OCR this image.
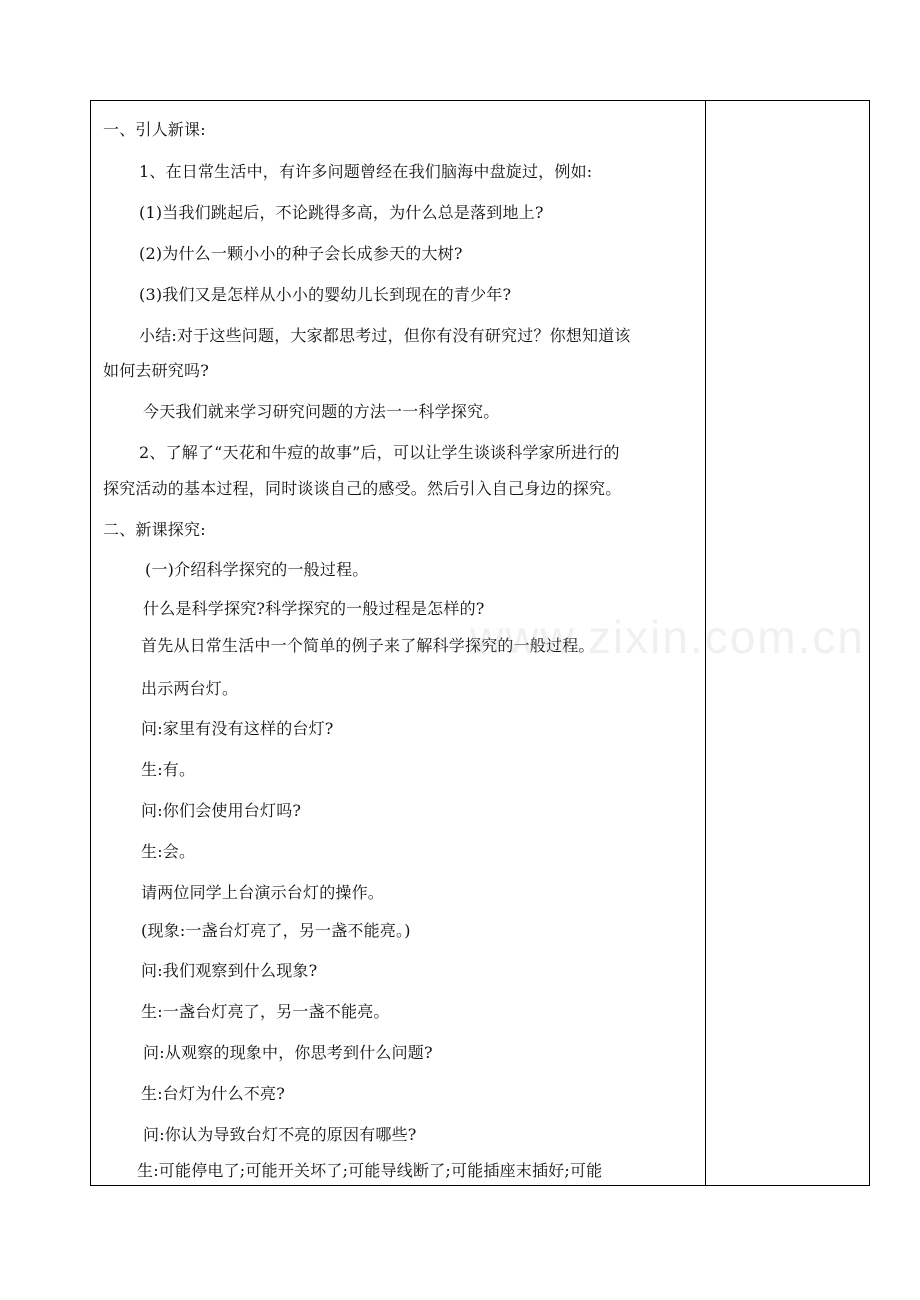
一、引人新课:
1、在日常生活中，有许多问题曾经在我们脑海中盘旋过，例如:
(1)当我们跳起后，不论跳得多高，为什么总是落到地上?
(2)为什么一颗小小的种子会长成参天的大树?
(3)我们又是怎样从小小的婴幼儿长到现在的青少年?
小结:对于这些问题，大家都思考过，但你有没有研究过？你想知道该
如何去研究吗?
今天我们就来学习研究问题的方法一一科学探究。
2、了解了“天花和牛痘的故事”后，可以让学生谈谈科学家所进行的
探究活动的基本过程，同时谈谈自己的感受。然后引入自己身边的探究。
二、新课探究:
(一)介绍科学探究的一般过程。
什么是科学探究?科学探究的一般过程是怎样的?
首先从日常生活中一个简单的例子来了解科学探究的一般过程。
出示两台灯。
问:家里有没有这样的台灯?
生:有。
问:你们会使用台灯吗?
生:会。
请两位同学上台演示台灯的操作。
(现象:一盏台灯亮了，另一盏不能亮。)
问:我们观察到什么现象?
生:一盏台灯亮了，另一盏不能亮。
问:从观察的现象中，你思考到什么问题?
生:台灯为什么不亮?
问:你认为导致台灯不亮的原因有哪些?
生:可能停电了;可能开关坏了;可能导线断了;可能插座末插好;可能
www.zixin.com.cn
